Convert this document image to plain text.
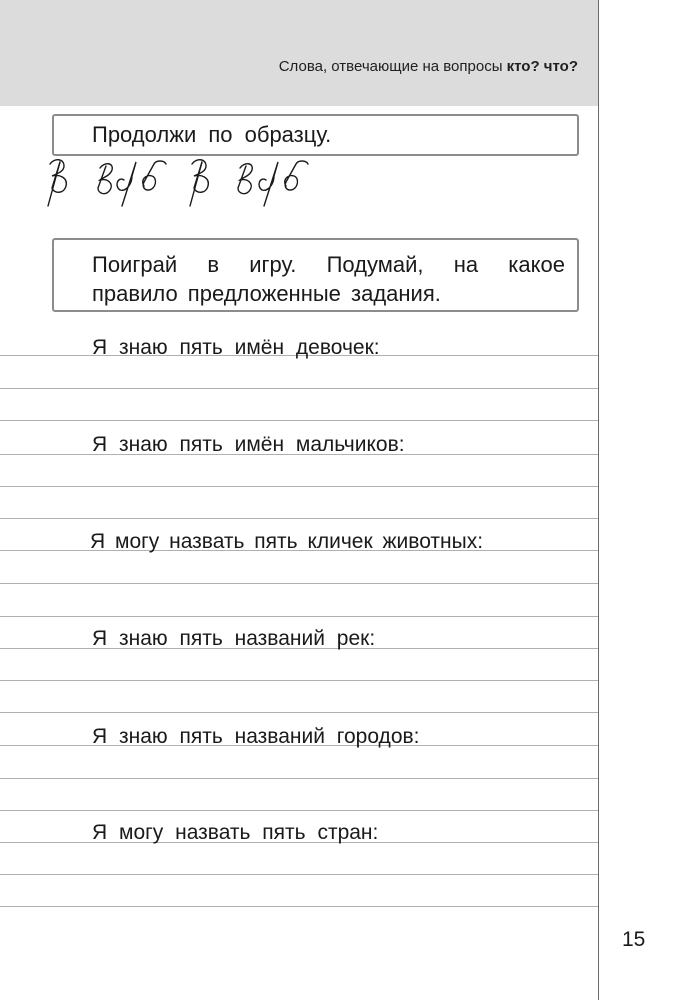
Слова, отвечающие на вопросы кто? что?
Продолжи по образцу.
Поиграй в игру. Подумай, на какое
правило предложенные задания.
Я знаю пять имён девочек:
Я знаю пять имён мальчиков:
Я могу назвать пять кличек животных:
Я знаю пять названий рек:
Я знаю пять названий городов:
Я могу назвать пять стран:
15
